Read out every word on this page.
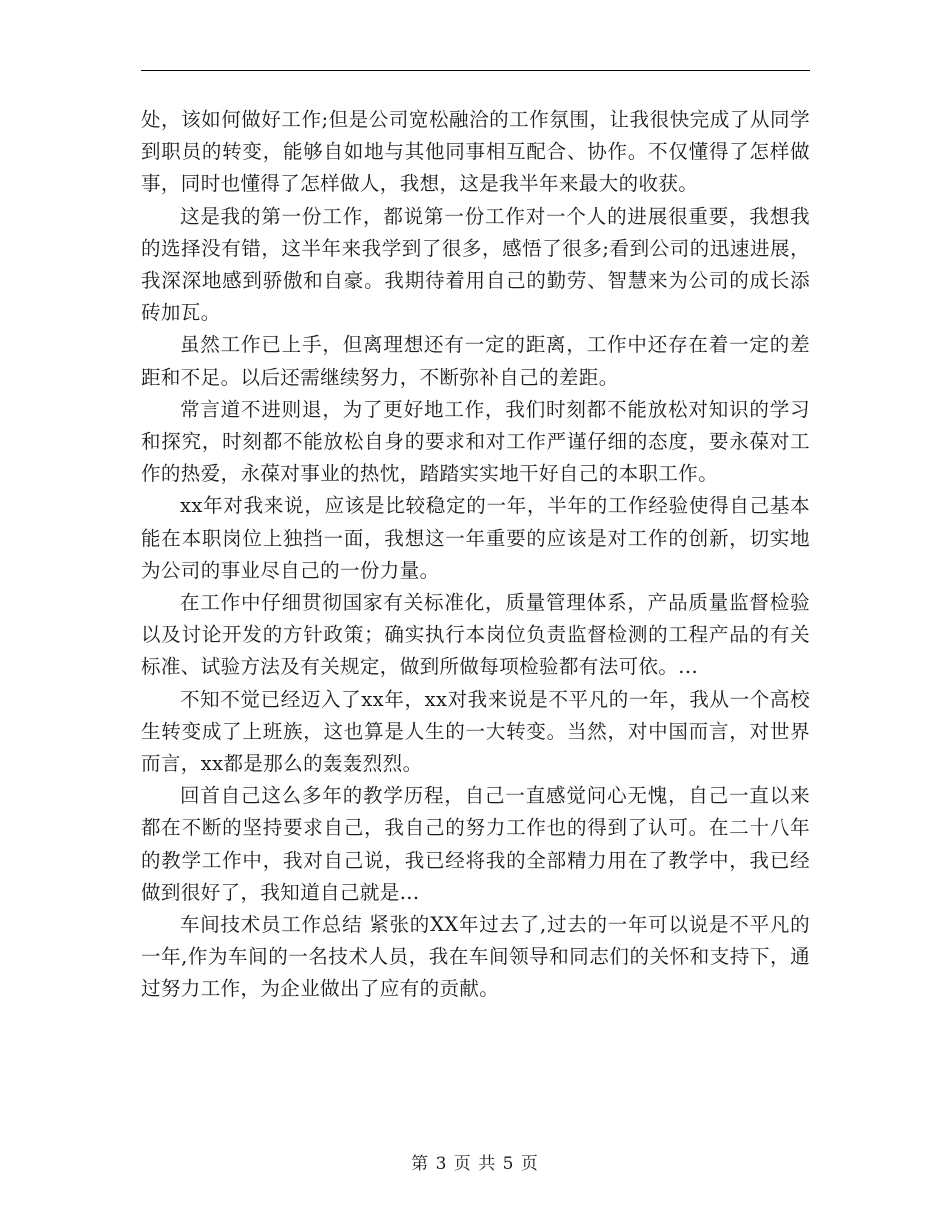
处，该如何做好工作;但是公司宽松融洽的工作氛围，让我很快完成了从同学到职员的转变，能够自如地与其他同事相互配合、协作。不仅懂得了怎样做事，同时也懂得了怎样做人，我想，这是我半年来最大的收获。

这是我的第一份工作，都说第一份工作对一个人的进展很重要，我想我的选择没有错，这半年来我学到了很多，感悟了很多;看到公司的迅速进展，我深深地感到骄傲和自豪。我期待着用自己的勤劳、智慧来为公司的成长添砖加瓦。

虽然工作已上手，但离理想还有一定的距离，工作中还存在着一定的差距和不足。以后还需继续努力，不断弥补自己的差距。

常言道不进则退，为了更好地工作，我们时刻都不能放松对知识的学习和探究，时刻都不能放松自身的要求和对工作严谨仔细的态度，要永葆对工作的热爱，永葆对事业的热忱，踏踏实实地干好自己的本职工作。

xx年对我来说，应该是比较稳定的一年，半年的工作经验使得自己基本能在本职岗位上独挡一面，我想这一年重要的应该是对工作的创新，切实地为公司的事业尽自己的一份力量。

在工作中仔细贯彻国家有关标准化，质量管理体系，产品质量监督检验以及讨论开发的方针政策；确实执行本岗位负责监督检测的工程产品的有关标准、试验方法及有关规定，做到所做每项检验都有法可依。...

不知不觉已经迈入了xx年，xx对我来说是不平凡的一年，我从一个高校生转变成了上班族，这也算是人生的一大转变。当然，对中国而言，对世界而言，xx都是那么的轰轰烈烈。

回首自己这么多年的教学历程，自己一直感觉问心无愧，自己一直以来都在不断的坚持要求自己，我自己的努力工作也的得到了认可。在二十八年的教学工作中，我对自己说，我已经将我的全部精力用在了教学中，我已经做到很好了，我知道自己就是...

车间技术员工作总结 紧张的XX年过去了,过去的一年可以说是不平凡的一年,作为车间的一名技术人员，我在车间领导和同志们的关怀和支持下，通过努力工作，为企业做出了应有的贡献。

第 3 页 共 5 页
